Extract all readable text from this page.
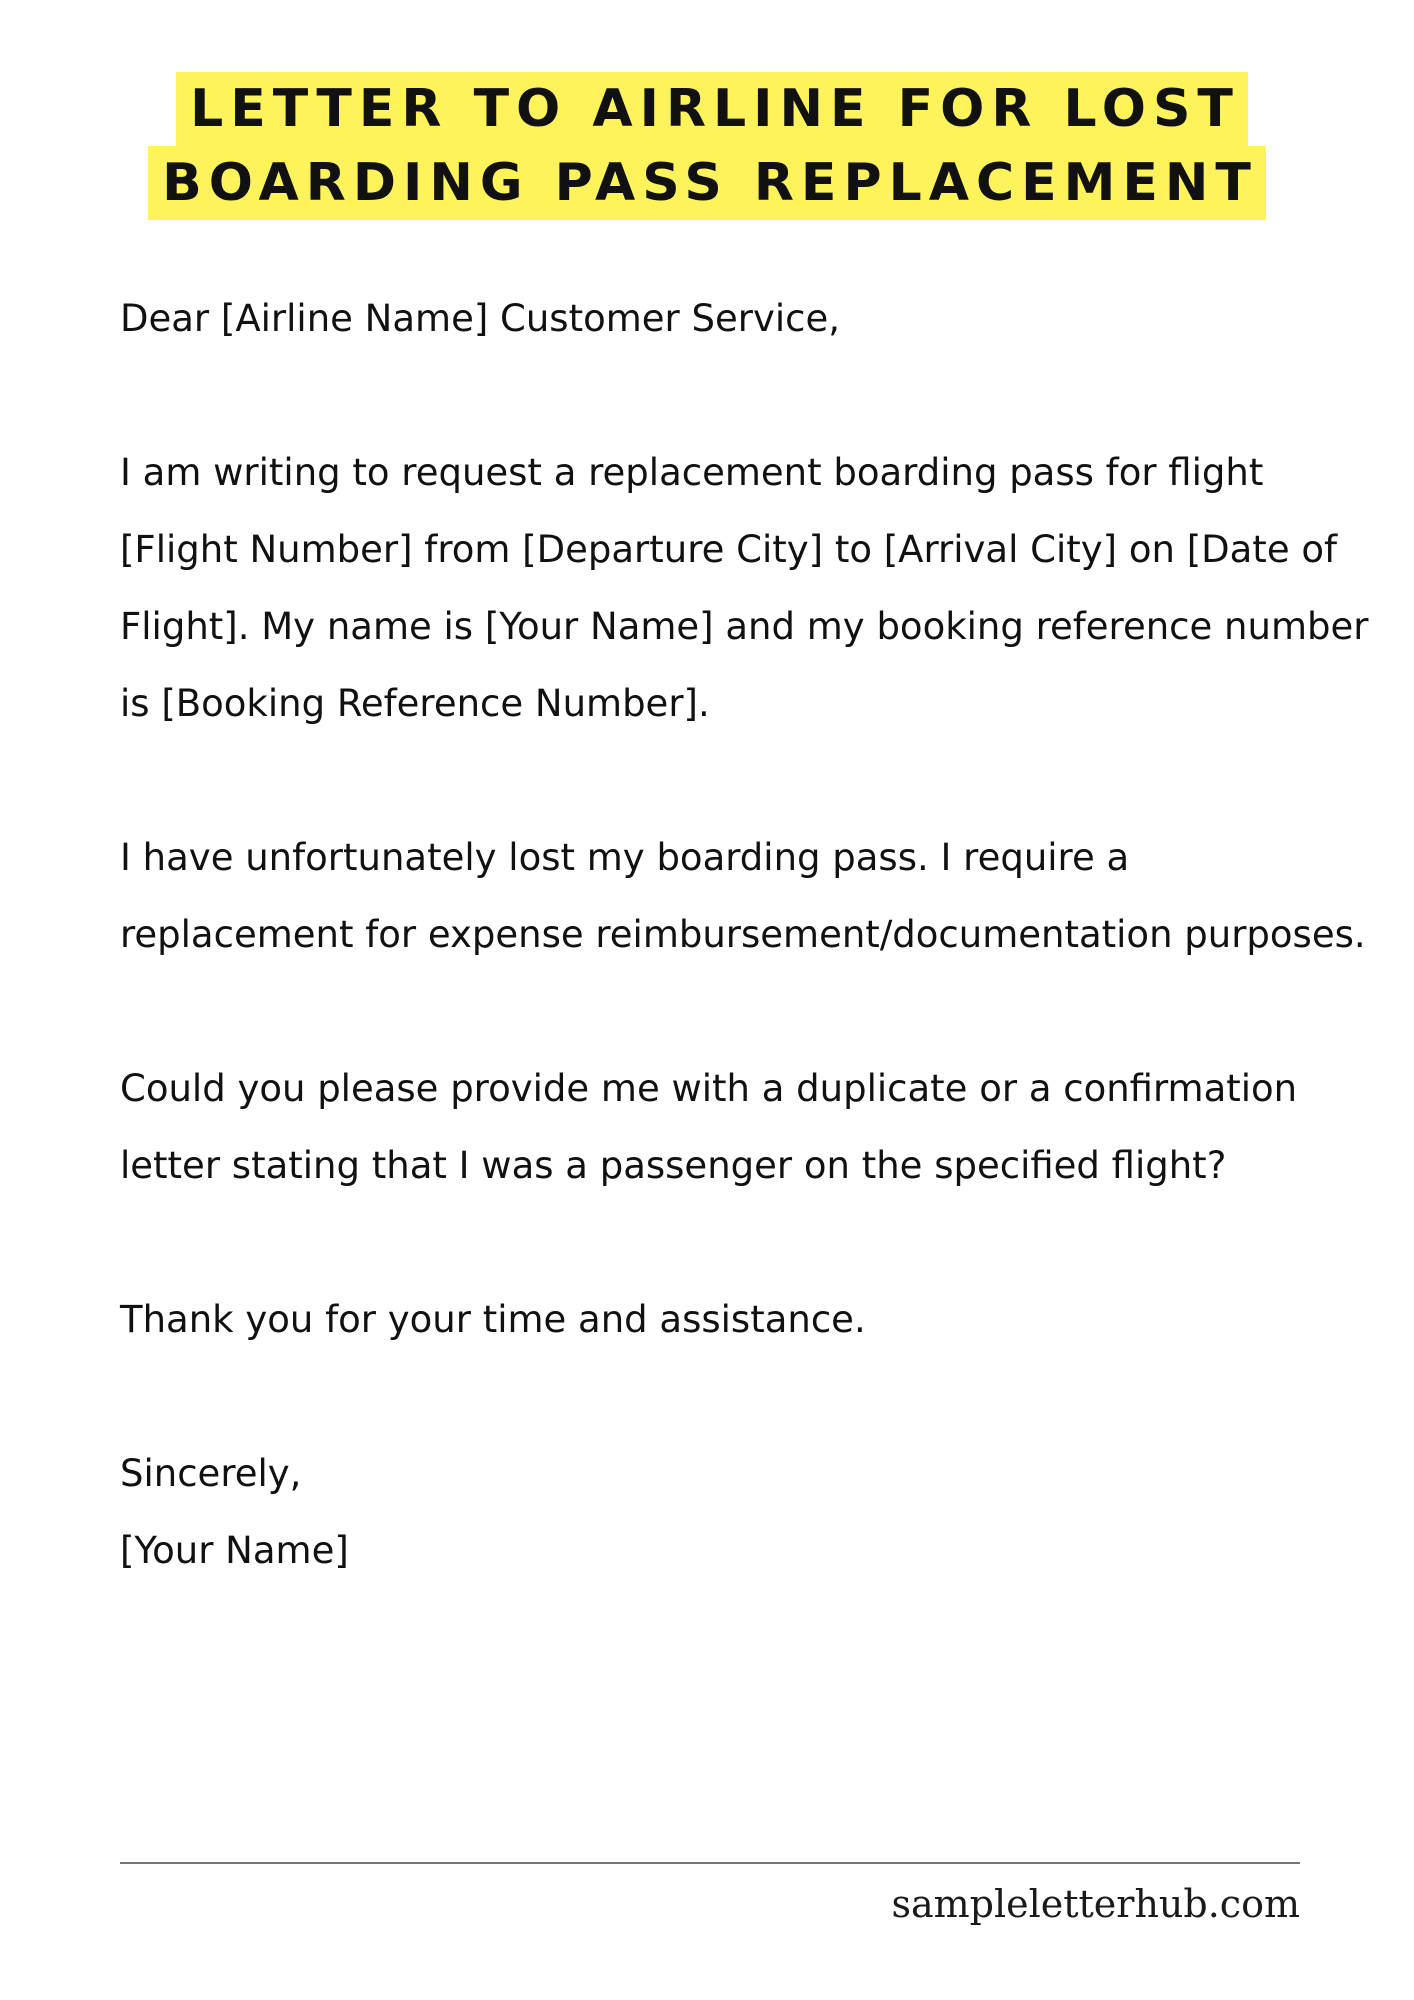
LETTER TO AIRLINE FOR LOST
BOARDING PASS REPLACEMENT

Dear [Airline Name] Customer Service,

I am writing to request a replacement boarding pass for flight [Flight Number] from [Departure City] to [Arrival City] on [Date of Flight]. My name is [Your Name] and my booking reference number is [Booking Reference Number].

I have unfortunately lost my boarding pass. I require a replacement for expense reimbursement/documentation purposes.

Could you please provide me with a duplicate or a confirmation letter stating that I was a passenger on the specified flight?

Thank you for your time and assistance.

Sincerely,

[Your Name]

sampleletterhub.com
